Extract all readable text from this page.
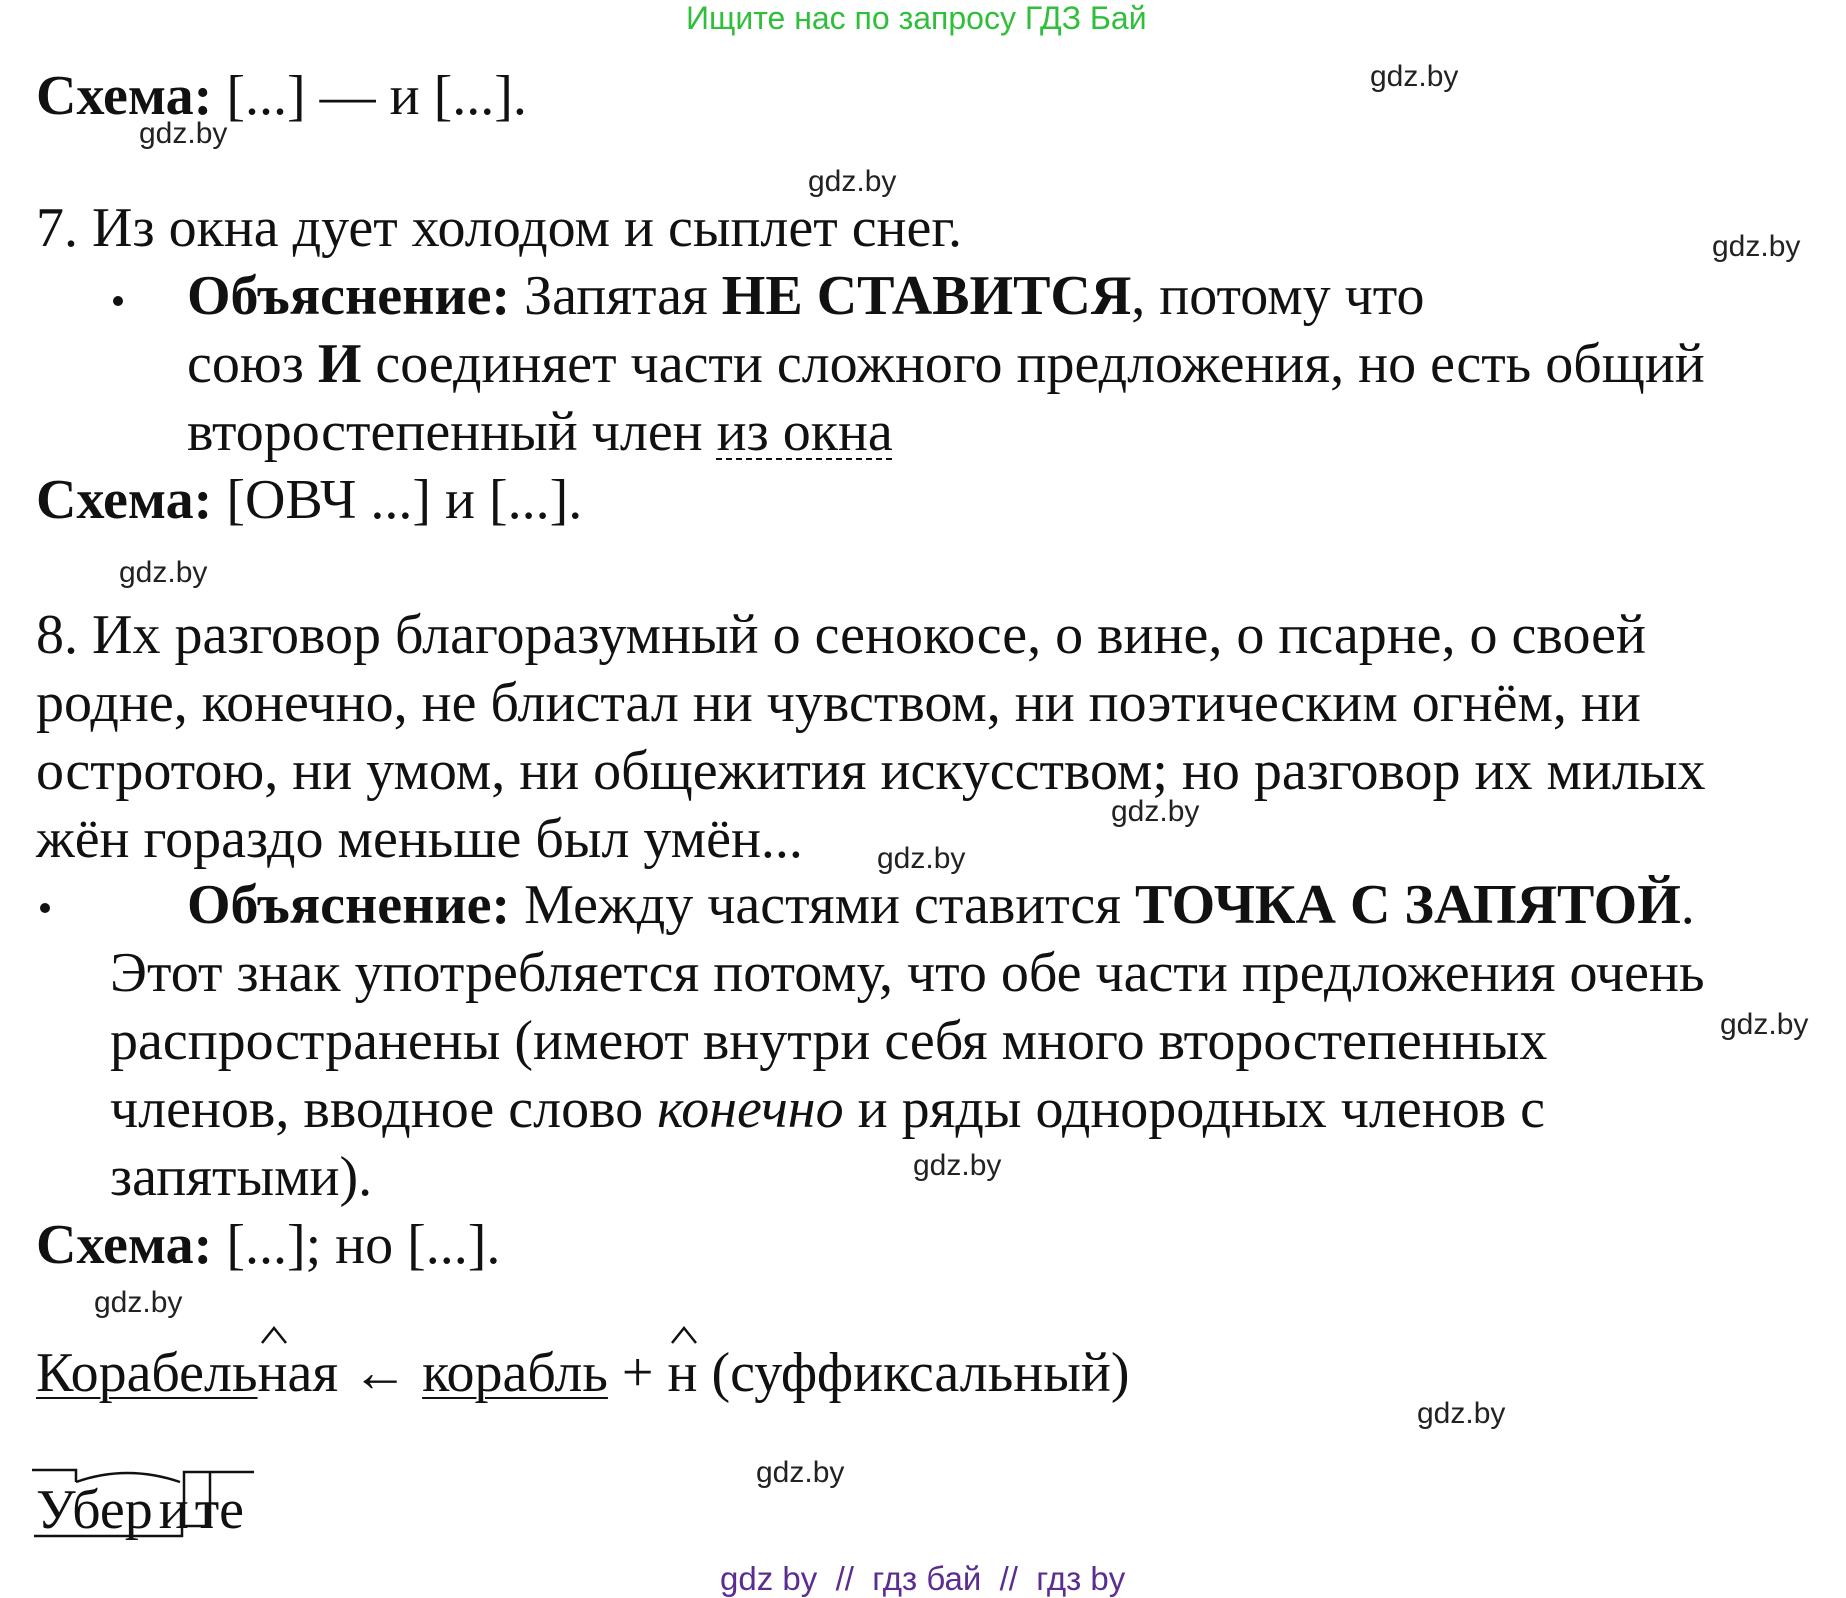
Ищите нас по запросу ГДЗ Бай
Схема: [...] — и [...].
7. Из окна дует холодом и сыплет снег.
Объяснение: Запятая НЕ СТАВИТСЯ, потому что
союз И соединяет части сложного предложения, но есть общий
второстепенный член из окна
Схема: [ОВЧ ...] и [...].
8. Их разговор благоразумный о сенокосе, о вине, о псарне, о своей
родне, конечно, не блистал ни чувством, ни поэтическим огнём, ни
остротою, ни умом, ни общежития искусством; но разговор их милых
жён гораздо меньше был умён...
Объяснение: Между частями ставится ТОЧКА С ЗАПЯТОЙ.
Этот знак употребляется потому, что обе части предложения очень
распространены (имеют внутри себя много второстепенных
членов, вводное слово конечно и ряды однородных членов с
запятыми).
Схема: [...]; но [...].
Корабель
ная ← корабль + н (суффиксальный)
Убер и те
gdz.by
gdz.by
gdz.by
gdz.by
gdz.by
gdz.by
gdz.by
gdz.by
gdz.by
gdz.by
gdz.by
gdz.by
gdz by  //  гдз бай  //  гдз by
